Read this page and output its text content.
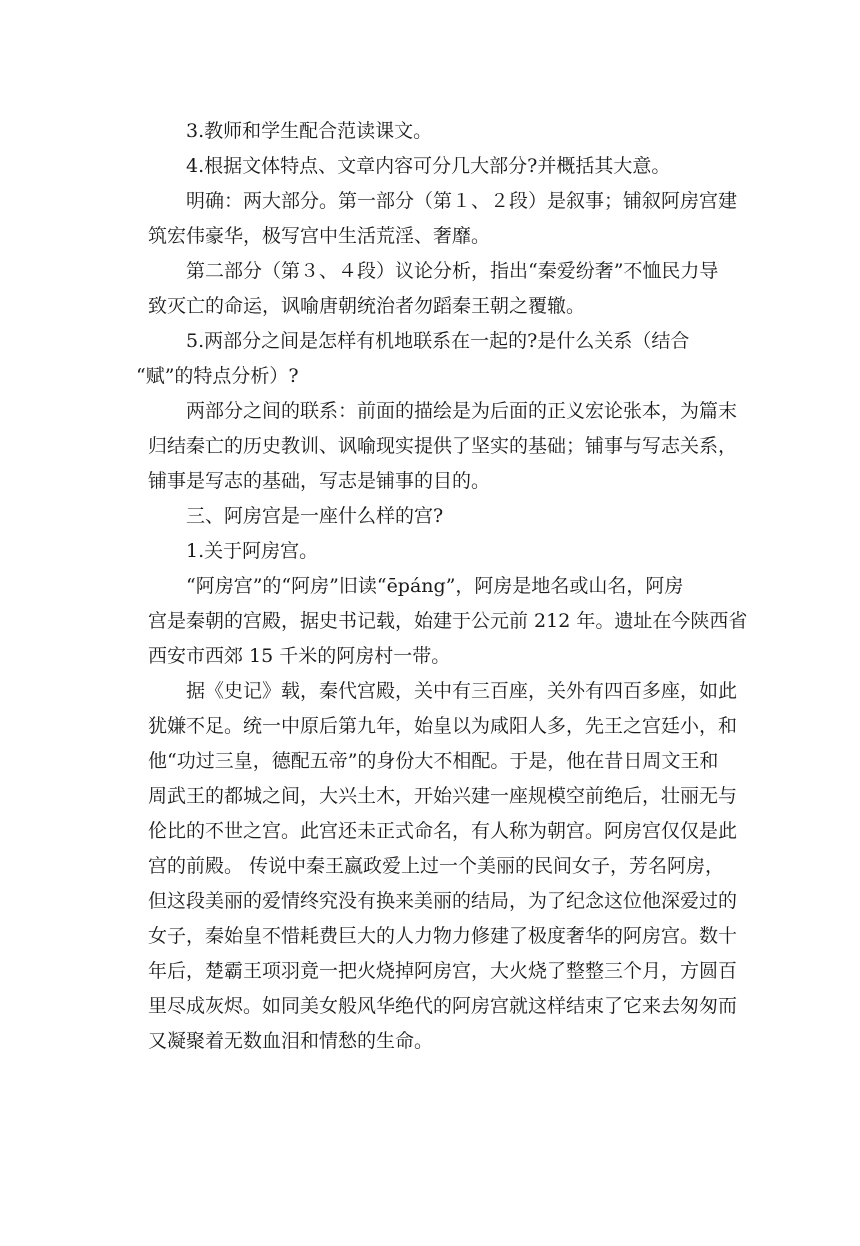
3.教师和学生配合范读课文。
4.根据文体特点、文章内容可分几大部分?并概括其大意。
明确：两大部分。第一部分（第１、２段）是叙事；铺叙阿房宫建
筑宏伟豪华，极写宫中生活荒淫、奢靡。
第二部分（第３、４段）议论分析，指出“秦爱纷奢”不恤民力导
致灭亡的命运，讽喻唐朝统治者勿蹈秦王朝之覆辙。
5.两部分之间是怎样有机地联系在一起的?是什么关系（结合
“赋”的特点分析）?
两部分之间的联系：前面的描绘是为后面的正义宏论张本，为篇末
归结秦亡的历史教训、讽喻现实提供了坚实的基础；铺事与写志关系，
铺事是写志的基础，写志是铺事的目的。
三、阿房宫是一座什么样的宫?
1.关于阿房宫。
“阿房宫”的“阿房”旧读“ēpáng”，阿房是地名或山名，阿房
宫是秦朝的宫殿，据史书记载，始建于公元前 212 年。遗址在今陕西省
西安市西郊 15 千米的阿房村一带。
据《史记》载，秦代宫殿，关中有三百座，关外有四百多座，如此
犹嫌不足。统一中原后第九年，始皇以为咸阳人多，先王之宫廷小，和
他“功过三皇，德配五帝”的身份大不相配。于是，他在昔日周文王和
周武王的都城之间，大兴土木，开始兴建一座规模空前绝后，壮丽无与
伦比的不世之宫。此宫还未正式命名，有人称为朝宫。阿房宫仅仅是此
宫的前殿。 传说中秦王嬴政爱上过一个美丽的民间女子，芳名阿房，
但这段美丽的爱情终究没有换来美丽的结局，为了纪念这位他深爱过的
女子，秦始皇不惜耗费巨大的人力物力修建了极度奢华的阿房宫。数十
年后，楚霸王项羽竟一把火烧掉阿房宫，大火烧了整整三个月，方圆百
里尽成灰烬。如同美女般风华绝代的阿房宫就这样结束了它来去匆匆而
又凝聚着无数血泪和情愁的生命。
